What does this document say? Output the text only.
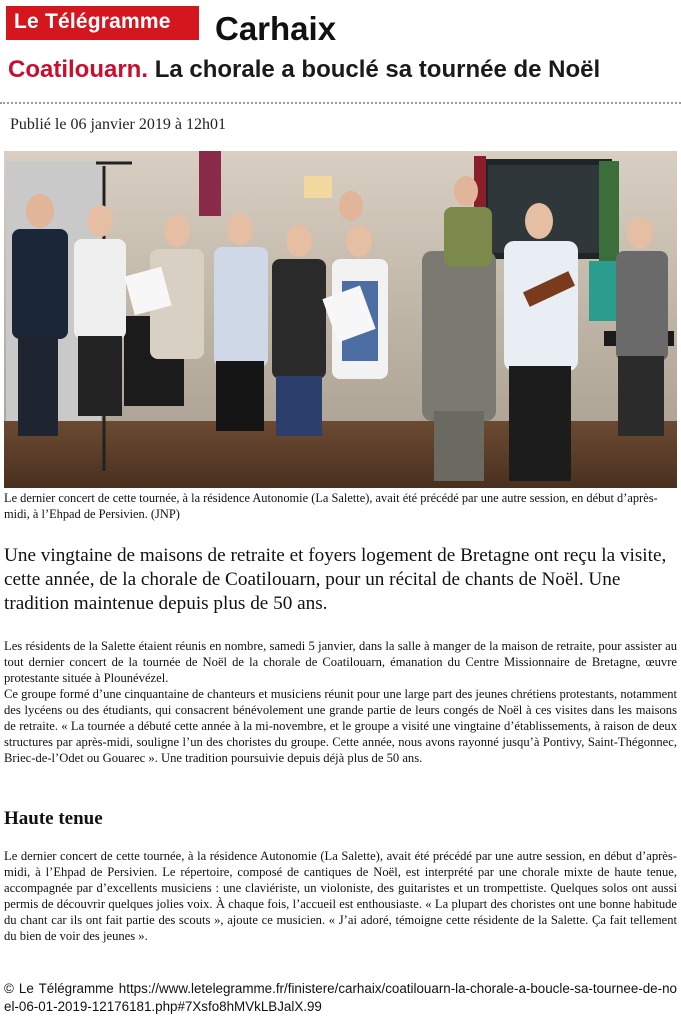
Le Télégramme Carhaix
Coatilouarn. La chorale a bouclé sa tournée de Noël
Publié le 06 janvier 2019 à 12h01
Le dernier concert de cette tournée, à la résidence Autonomie (La Salette), avait été précédé par une autre session, en début d’après-midi, à l’Ehpad de Persivien. (JNP)
Une vingtaine de maisons de retraite et foyers logement de Bretagne ont reçu la visite, cette année, de la chorale de Coatilouarn, pour un récital de chants de Noël. Une tradition maintenue depuis plus de 50 ans.

Les résidents de la Salette étaient réunis en nombre, samedi 5 janvier, dans la salle à manger de la maison de retraite, pour assister au tout dernier concert de la tournée de Noël de la chorale de Coatilouarn, émanation du Centre Missionnaire de Bretagne, œuvre protestante située à Plounévézel.

Ce groupe formé d’une cinquantaine de chanteurs et musiciens réunit pour une large part des jeunes chrétiens protestants, notamment des lycéens ou des étudiants, qui consacrent bénévolement une grande partie de leurs congés de Noël à ces visites dans les maisons de retraite. « La tournée a débuté cette année à la mi-novembre, et le groupe a visité une vingtaine d’établissements, à raison de deux structures par après-midi, souligne l’un des choristes du groupe. Cette année, nous avons rayonné jusqu’à Pontivy, Saint-Thégonnec, Briec-de-l’Odet ou Gouarec ». Une tradition poursuivie depuis déjà plus de 50 ans.

Haute tenue

Le dernier concert de cette tournée, à la résidence Autonomie (La Salette), avait été précédé par une autre session, en début d’après-midi, à l’Ehpad de Persivien. Le répertoire, composé de cantiques de Noël, est interprété par une chorale mixte de haute tenue, accompagnée par d’excellents musiciens : une claviériste, un violoniste, des guitaristes et un trompettiste. Quelques solos ont aussi permis de découvrir quelques jolies voix. À chaque fois, l’accueil est enthousiaste. « La plupart des choristes ont une bonne habitude du chant car ils ont fait partie des scouts », ajoute ce musicien. « J’ai adoré, témoigne cette résidente de la Salette. Ça fait tellement du bien de voir des jeunes ».

© Le Télégramme https://www.letelegramme.fr/finistere/carhaix/coatilouarn-la-chorale-a-boucle-sa-tournee-de-noel-06-01-2019-12176181.php#7Xsfo8hMVkLBJalX.99
